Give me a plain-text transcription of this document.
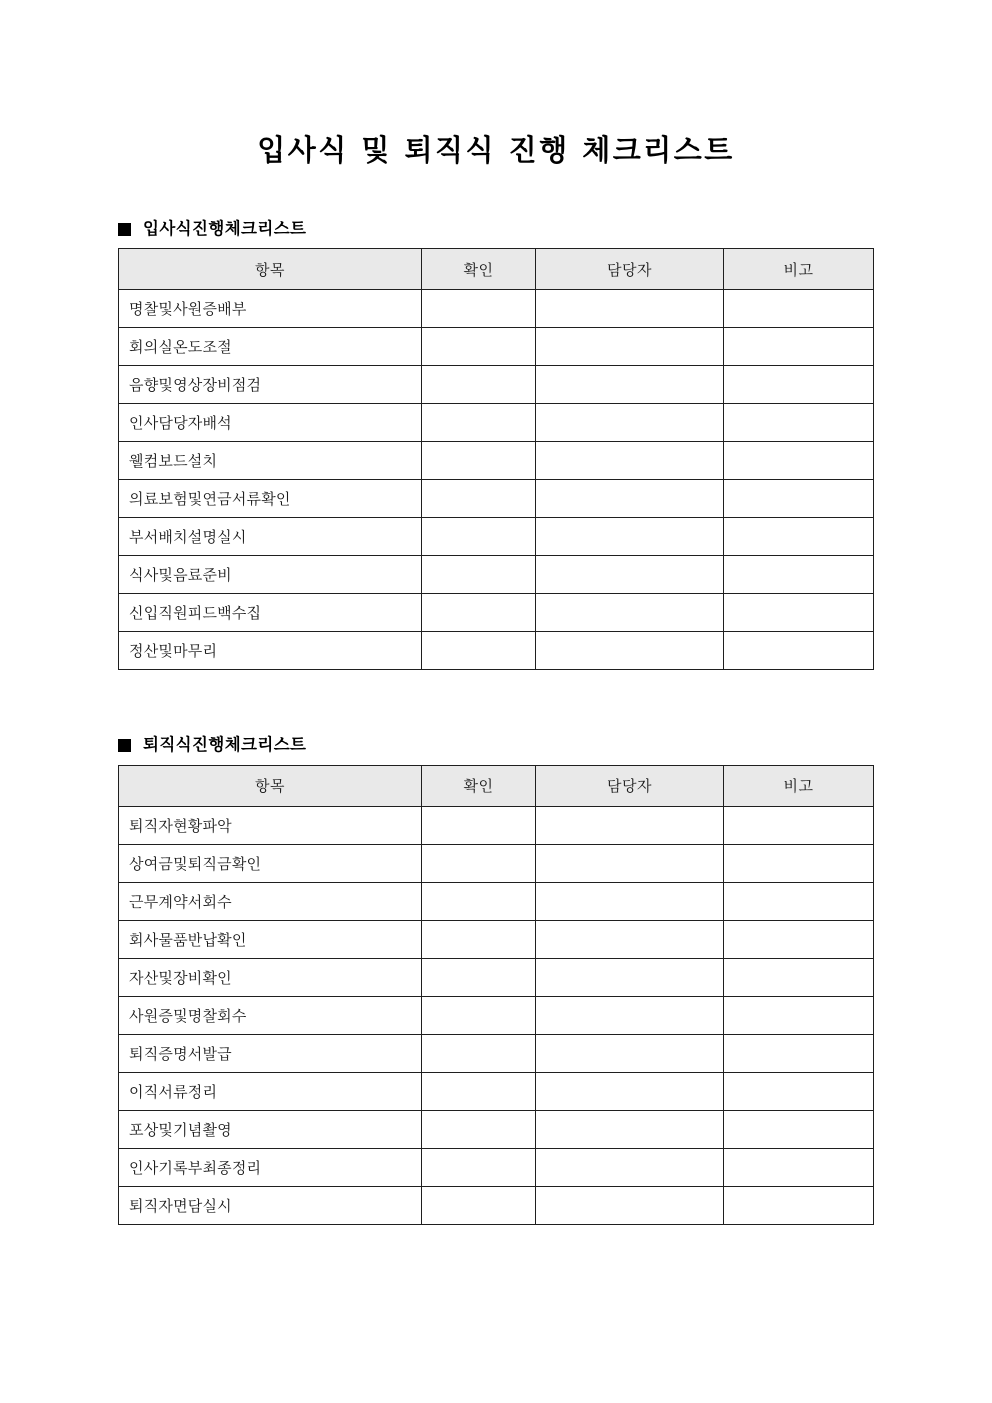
입사식 및 퇴직식 진행 체크리스트
입사식진행체크리스트
항목	확인	담당자	비고
명찰및사원증배부			
회의실온도조절			
음향및영상장비점검			
인사담당자배석			
웰컴보드설치			
의료보험및연금서류확인			
부서배치설명실시			
식사및음료준비			
신입직원피드백수집			
정산및마무리			
퇴직식진행체크리스트
항목	확인	담당자	비고
퇴직자현황파악			
상여금및퇴직금확인			
근무계약서회수			
회사물품반납확인			
자산및장비확인			
사원증및명찰회수			
퇴직증명서발급			
이직서류정리			
포상및기념촬영			
인사기록부최종정리			
퇴직자면담실시			
